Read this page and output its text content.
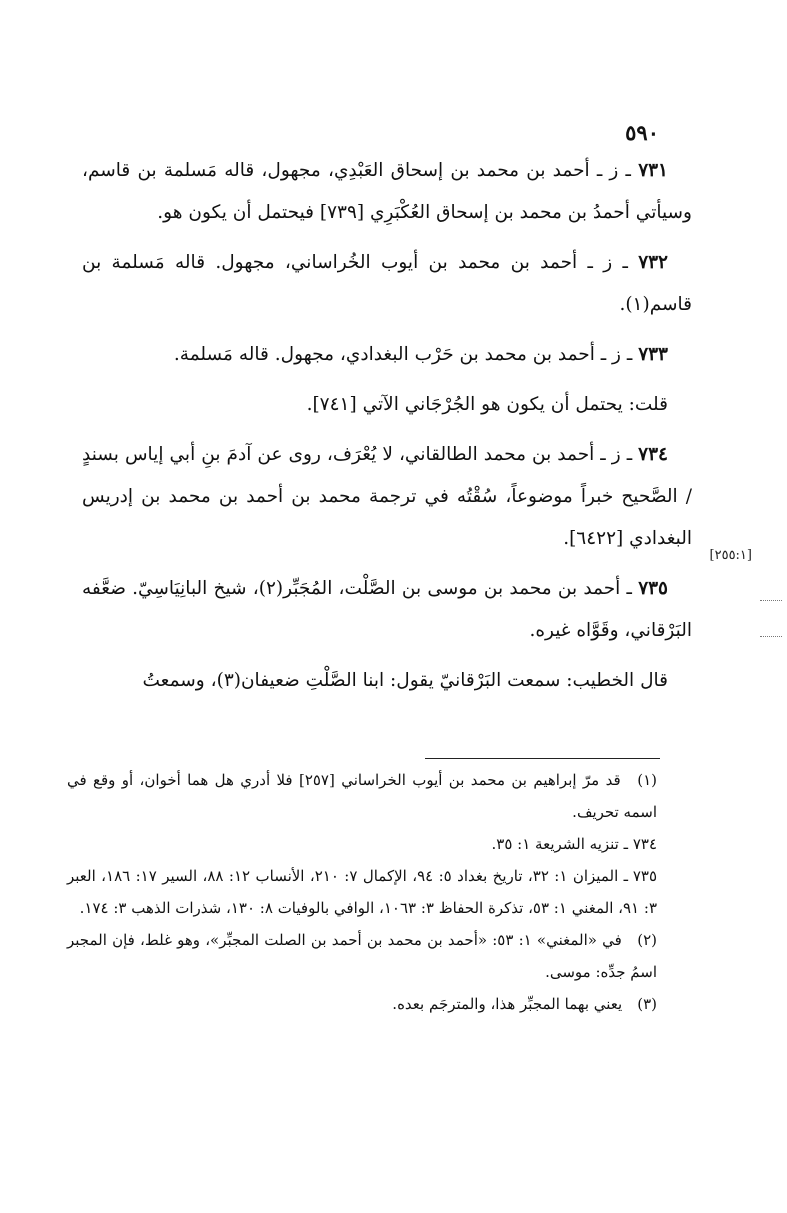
٥٩٠

٧٣١ ـ ز ـ أحمد بن محمد بن إسحاق العَبْدِي، مجهول، قاله مَسلمة بن قاسم، وسيأتي أحمدُ بن محمد بن إسحاق العُكْبَرِي [٧٣٩] فيحتمل أن يكون هو.

٧٣٢ ـ ز ـ أحمد بن محمد بن أيوب الخُراساني، مجهول. قاله مَسلمة بن قاسم(١).

٧٣٣ ـ ز ـ أحمد بن محمد بن حَرْب البغدادي، مجهول. قاله مَسلمة.

قلت: يحتمل أن يكون هو الجُرْجَاني الآتي [٧٤١].

٧٣٤ ـ ز ـ أحمد بن محمد الطالقاني، لا يُعْرَف، روى عن آدمَ بنِ أبي إياس بسندٍ / الصَّحيح خبراً موضوعاً، سُقْتُه في ترجمة محمد بن أحمد بن محمد بن إدريس البغدادي [٦٤٢٢].

٧٣٥ ـ أحمد بن محمد بن موسى بن الصَّلْت، المُجَبِّر(٢)، شيخ البانِيَاسِيّ. ضعَّفه البَرْقاني، وقَوَّاه غيره.

قال الخطيب: سمعت البَرْقانيّ يقول: ابنا الصَّلْتِ ضعيفان(٣)، وسمعتُ

[٢٥٥:١]

(١) قد مرّ إبراهيم بن محمد بن أيوب الخراساني [٢٥٧] فلا أدري هل هما أخوان، أو وقع في اسمه تحريف.

٧٣٤ ـ تنزيه الشريعة ١: ٣٥.

٧٣٥ ـ الميزان ١: ٣٢، تاريخ بغداد ٥: ٩٤، الإكمال ٧: ٢١٠، الأنساب ١٢: ٨٨، السير ١٧: ١٨٦، العبر ٣: ٩١، المغني ١: ٥٣، تذكرة الحفاظ ٣: ١٠٦٣، الوافي بالوفيات ٨: ١٣٠، شذرات الذهب ٣: ١٧٤.

(٢) في «المغني» ١: ٥٣: «أحمد بن محمد بن أحمد بن الصلت المجبِّر»، وهو غلط، فإن المجبر اسمُ جدِّه: موسى.

(٣) يعني بهما المجبِّر هذا، والمترجَم بعده.
